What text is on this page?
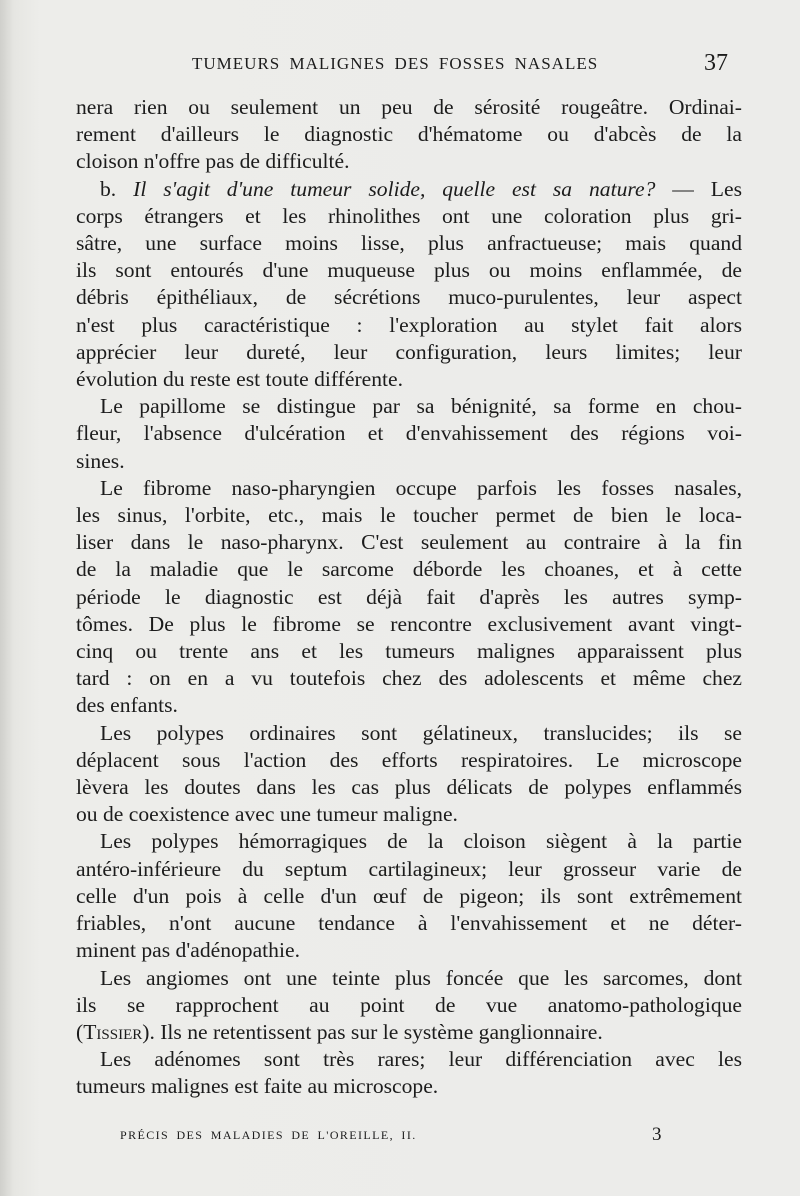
TUMEURS MALIGNES DES FOSSES NASALES	37

nera rien ou seulement un peu de sérosité rougeâtre. Ordinai-
rement d'ailleurs le diagnostic d'hématome ou d'abcès de la
cloison n'offre pas de difficulté.

b. Il s'agit d'une tumeur solide, quelle est sa nature? — Les
corps étrangers et les rhinolithes ont une coloration plus gri-
sâtre, une surface moins lisse, plus anfractueuse; mais quand
ils sont entourés d'une muqueuse plus ou moins enflammée, de
débris épithéliaux, de sécrétions muco-purulentes, leur aspect
n'est plus caractéristique : l'exploration au stylet fait alors
apprécier leur dureté, leur configuration, leurs limites; leur
évolution du reste est toute différente.

Le papillome se distingue par sa bénignité, sa forme en chou-
fleur, l'absence d'ulcération et d'envahissement des régions voi-
sines.

Le fibrome naso-pharyngien occupe parfois les fosses nasales,
les sinus, l'orbite, etc., mais le toucher permet de bien le loca-
liser dans le naso-pharynx. C'est seulement au contraire à la fin
de la maladie que le sarcome déborde les choanes, et à cette
période le diagnostic est déjà fait d'après les autres symp-
tômes. De plus le fibrome se rencontre exclusivement avant vingt-
cinq ou trente ans et les tumeurs malignes apparaissent plus
tard : on en a vu toutefois chez des adolescents et même chez
des enfants.

Les polypes ordinaires sont gélatineux, translucides; ils se
déplacent sous l'action des efforts respiratoires. Le microscope
lèvera les doutes dans les cas plus délicats de polypes enflammés
ou de coexistence avec une tumeur maligne.

Les polypes hémorragiques de la cloison siègent à la partie
antéro-inférieure du septum cartilagineux; leur grosseur varie de
celle d'un pois à celle d'un œuf de pigeon; ils sont extrêmement
friables, n'ont aucune tendance à l'envahissement et ne déter-
minent pas d'adénopathie.

Les angiomes ont une teinte plus foncée que les sarcomes, dont
ils se rapprochent au point de vue anatomo-pathologique
(Tissier). Ils ne retentissent pas sur le système ganglionnaire.

Les adénomes sont très rares; leur différenciation avec les
tumeurs malignes est faite au microscope.

PRÉCIS DES MALADIES DE L'OREILLE, II.	3
